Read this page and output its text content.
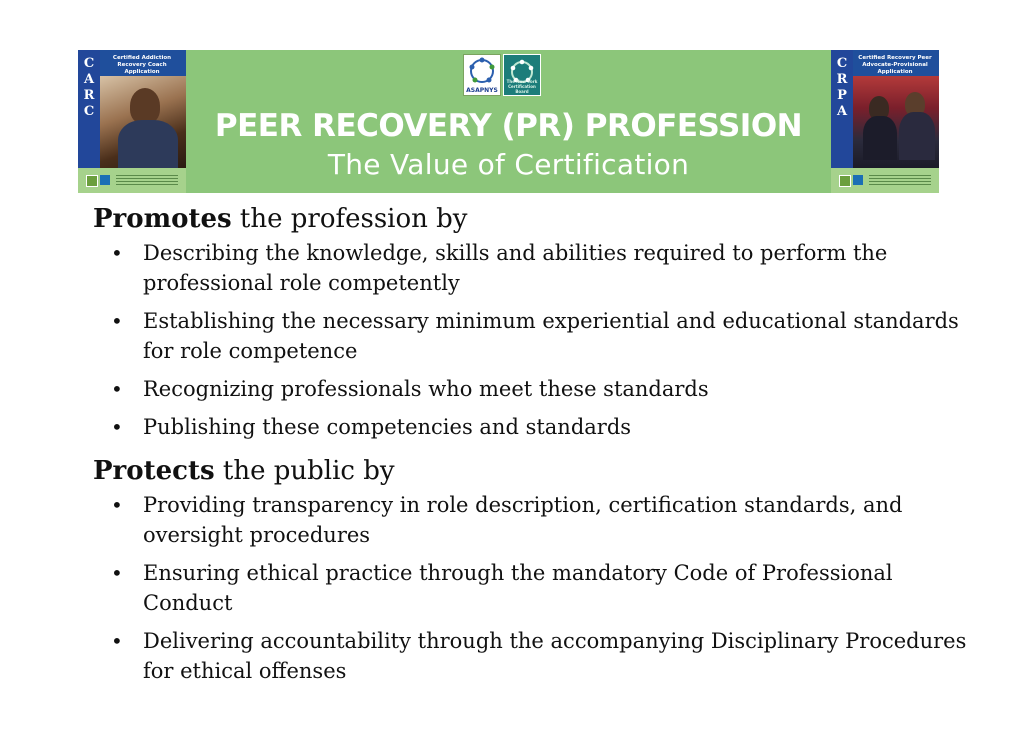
C
A
R
C
Certified Addiction Recovery Coach Application
ASAPNYS
The New York Certification Board
PEER RECOVERY (PR) PROFESSION
The Value of Certification
C
R
P
A
Certified Recovery Peer Advocate-Provisional Application
Promotes the profession by
• Describing the knowledge, skills and abilities required to perform the professional role competently
• Establishing the necessary minimum experiential and educational standards for role competence
• Recognizing professionals who meet these standards
• Publishing these competencies and standards
Protects the public by
• Providing transparency in role description, certification standards, and oversight procedures
• Ensuring ethical practice through the mandatory Code of Professional Conduct
• Delivering accountability through the accompanying Disciplinary Procedures for ethical offenses
